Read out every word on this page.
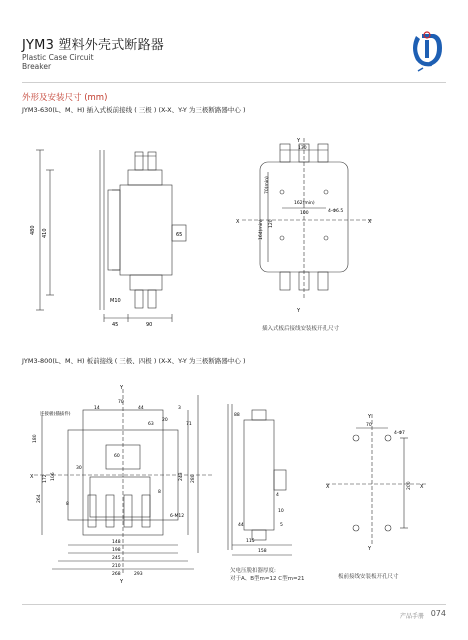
JYM3 塑料外壳式断路器
Plastic Case Circuit
Breaker
外形及安装尺寸 (mm)
JYM3-630(L、M、H) 插入式板前接线 ( 三极 ) (X-X、Y-Y 为三极断路器中心 )
480 410
45	90
65
M10
Y
Y
X	X
130
70(min)
162(min)
100	4-Φ6.5
164(min) 120
插入式板后接线安装板开孔尺寸
JYM3-800(L、M、H) 板前接线 ( 三极、四极 ) (X-X、Y-Y 为三极断路器中心 )
Y
Y
X
连接板(插拔件)
70
44
14	3
20
63	71
180
60
172
30
106
264
243 280
8
8
6-M12
148
198
245
210
268	293
88
4
10
44	5
115
158
Y
Y
X	X
70
4-Φ7
200
欠电压脱扣器厚度:
对于A、B型m=12 C型m=21	板前接线安装板开孔尺寸
产品手册 074
